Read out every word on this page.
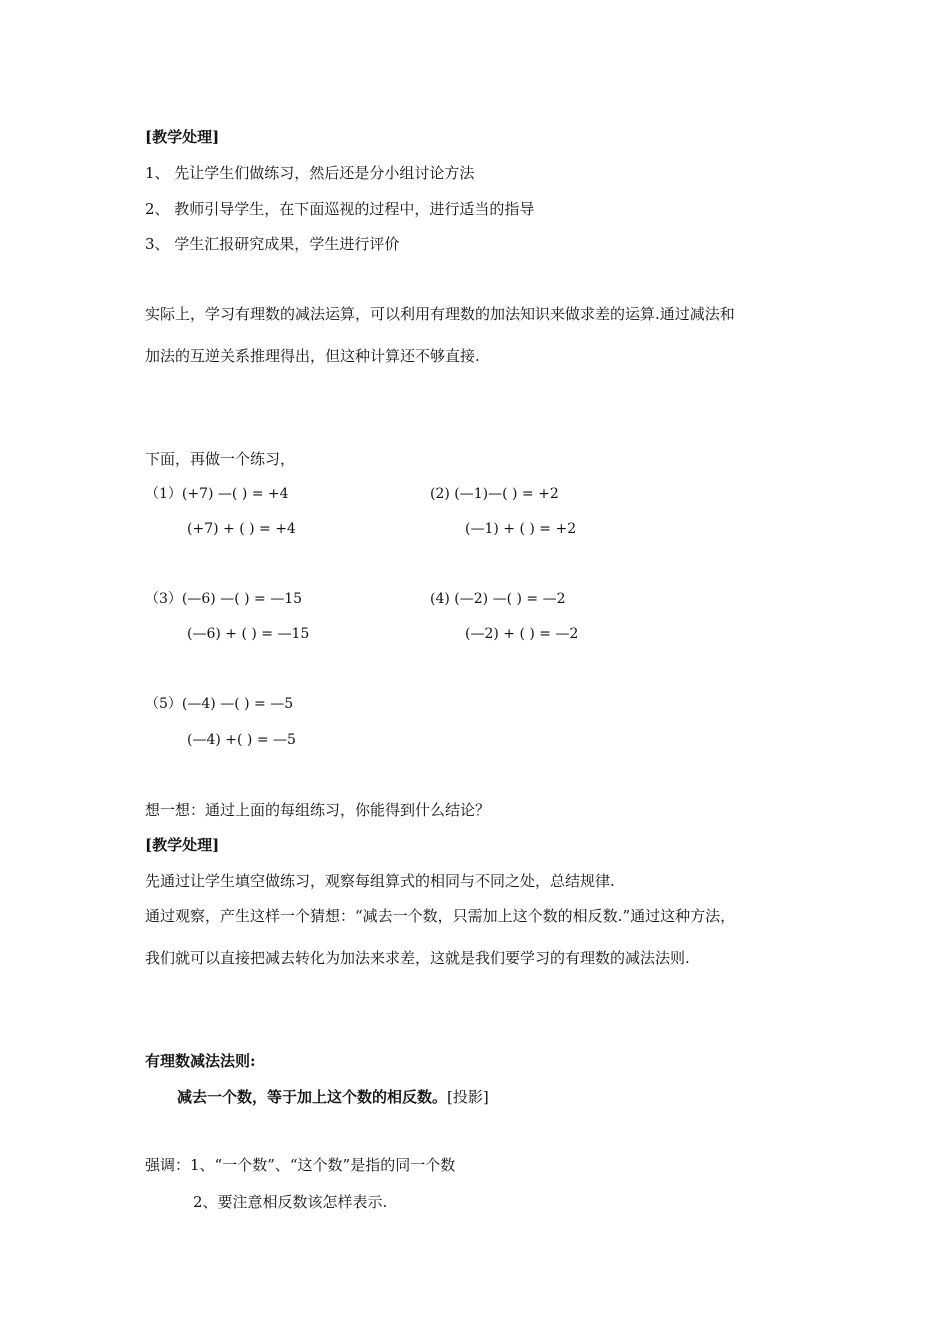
[教学处理]
1、 先让学生们做练习，然后还是分小组讨论方法
2、 教师引导学生，在下面巡视的过程中，进行适当的指导
3、 学生汇报研究成果，学生进行评价
实际上，学习有理数的减法运算，可以利用有理数的加法知识来做求差的运算.通过减法和
加法的互逆关系推理得出，但这种计算还不够直接.
下面，再做一个练习，
（1）(+7) —( ) = +4
(+7) + ( ) = +4
(2) (—1)—( ) = +2
(—1) + ( ) = +2
（3）(—6) —( ) = —15
(—6) + ( ) = —15
(4) (—2) —( ) = —2
(—2) + ( ) = —2
（5）(—4) —( ) = —5
(—4) +( ) = —5
想一想：通过上面的每组练习，你能得到什么结论？
[教学处理]
先通过让学生填空做练习，观察每组算式的相同与不同之处，总结规律.
通过观察，产生这样一个猜想：“减去一个数，只需加上这个数的相反数.”通过这种方法，
我们就可以直接把减去转化为加法来求差，这就是我们要学习的有理数的减法法则.
有理数减法法则:
减去一个数，等于加上这个数的相反数。[投影]
强调：1、“一个数”、“这个数”是指的同一个数
2、要注意相反数该怎样表示.
